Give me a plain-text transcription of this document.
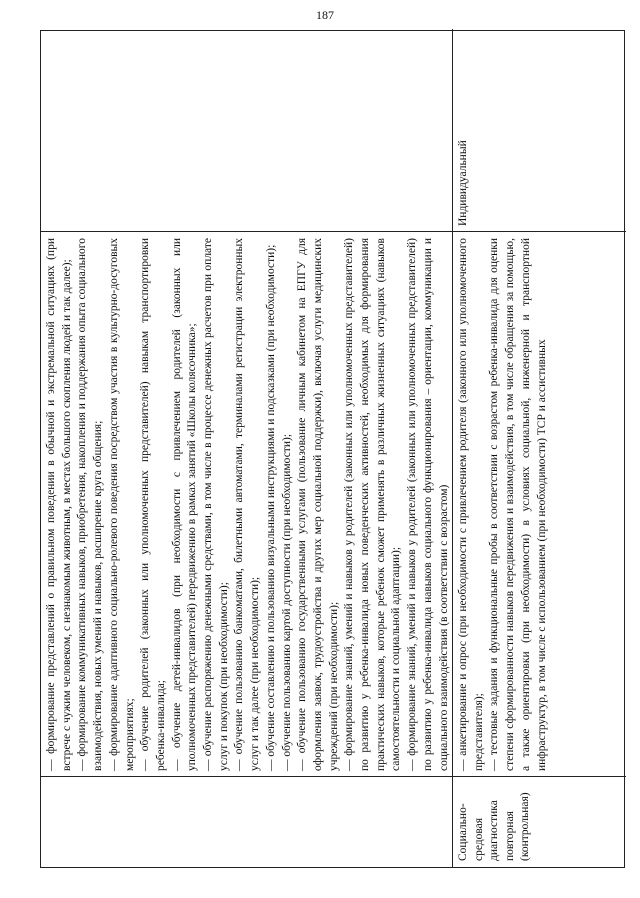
187

— формирование представлений о правильном поведении в обычной и экстремальной ситуациях (при встрече с чужим человеком, с незнакомым животным, в местах большого скопления людей и так далее); — формирование коммуникативных навыков, приобретения, накопления и поддержания опыта социального взаимодействия, новых умений и навыков, расширение круга общения; — формирование адаптивного социально-ролевого поведения посредством участия в культурно-досуговых мероприятиях; — обучение родителей (законных или уполномоченных представителей) навыкам транспортировки ребенка-инвалида; — обучение детей-инвалидов (при необходимости с привлечением родителей (законных или уполномоченных представителей) передвижению в рамках занятий «Школы колясочника»; — обучение распоряжению денежными средствами, в том числе в процессе денежных расчетов при оплате услуг и покупок (при необходимости); — обучение пользованию банкоматами, билетными автоматами, терминалами регистрации электронных услуг и так далее (при необходимости); — обучение составлению и пользованию визуальными инструкциями и подсказками (при необходимости); — обучение пользованию картой доступности (при необходимости); — обучение пользованию государственными услугами (пользование личным кабинетом на ЕПГУ для оформления заявок, трудоустройства и других мер социальной поддержки), включая услуги медицинских учреждений (при необходимости); — формирование знаний, умений и навыков у родителей (законных или уполномоченных представителей) по развитию у ребенка-инвалида новых поведенческих активностей, необходимых для формирования практических навыков, которые ребенок сможет применять в различных жизненных ситуациях (навыков самостоятельности и социальной адаптации); — формирование знаний, умений и навыков у родителей (законных или уполномоченных представителей) по развитию у ребенка-инвалида навыков социального функционирования – ориентации, коммуникации и социального взаимодействия (в соответствии с возрастом)

Социально-средовая диагностика повторная (контрольная)

— анкетирование и опрос (при необходимости с привлечением родителя (законного или уполномоченного представителя); — тестовые задания и функциональные пробы в соответствии с возрастом ребенка-инвалида для оценки степени сформированности навыков передвижения и взаимодействия, в том числе обращения за помощью, а также ориентировки (при необходимости) в условиях социальной, инженерной и транспортной инфраструктур, в том числе с использованием (при необходимости) ТСР и ассистивных

Индивидуальный
